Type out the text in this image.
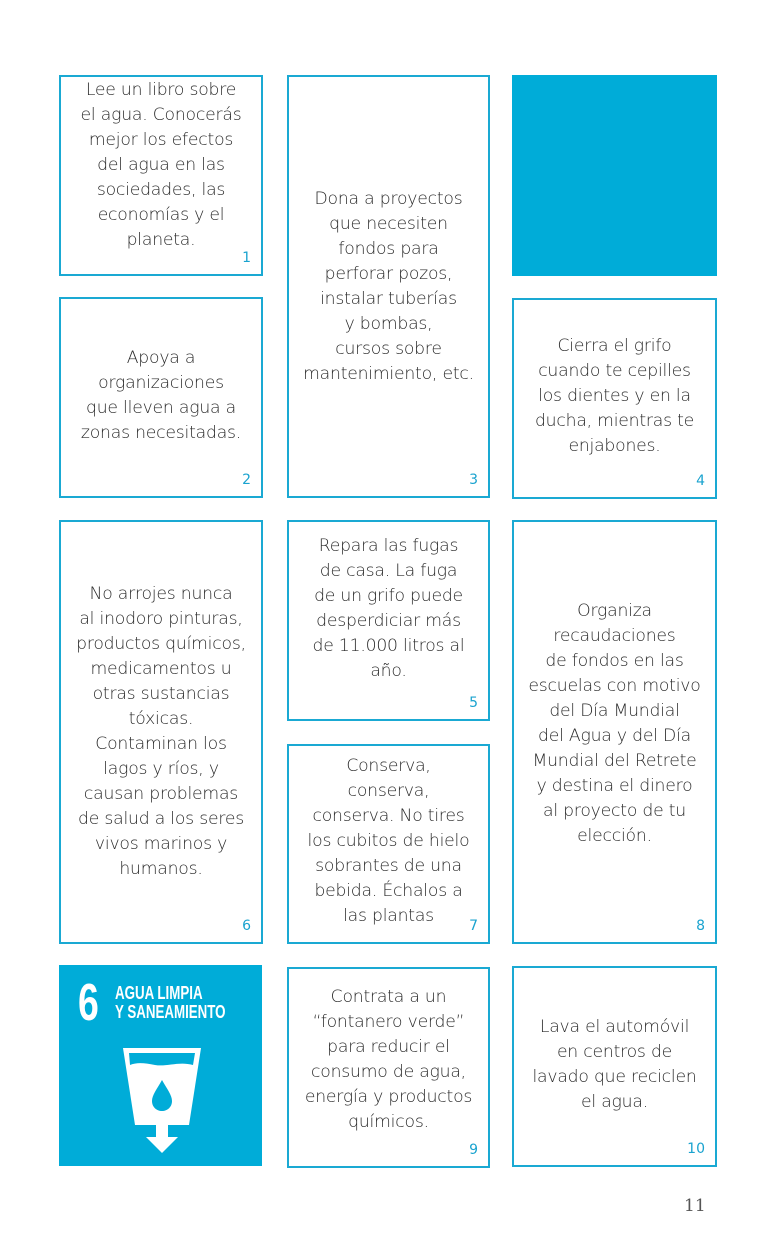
Lee un libro sobre
el agua. Conocerás
mejor los efectos
del agua en las
sociedades, las
economías y el
planeta.
1
Dona a proyectos
que necesiten
fondos para
perforar pozos,
instalar tuberías
y bombas,
cursos sobre
mantenimiento, etc.
3
Apoya a
organizaciones
que lleven agua a
zonas necesitadas.
2
Cierra el grifo
cuando te cepilles
los dientes y en la
ducha, mientras te
enjabones.
4
No arrojes nunca
al inodoro pinturas,
productos químicos,
medicamentos u
otras sustancias
tóxicas.
Contaminan los
lagos y ríos, y
causan problemas
de salud a los seres
vivos marinos y
humanos.
6
Repara las fugas
de casa. La fuga
de un grifo puede
desperdiciar más
de 11.000 litros al
año.
5
Conserva,
conserva,
conserva. No tires
los cubitos de hielo
sobrantes de una
bebida. Échalos a
las plantas
7
Organiza
recaudaciones
de fondos en las
escuelas con motivo
del Día Mundial
del Agua y del Día
Mundial del Retrete
y destina el dinero
al proyecto de tu
elección.
8
6 AGUA LIMPIA
Y SANEAMIENTO
Contrata a un
“fontanero verde”
para reducir el
consumo de agua,
energía y productos
químicos.
9
Lava el automóvil
en centros de
lavado que reciclen
el agua.
10
11
